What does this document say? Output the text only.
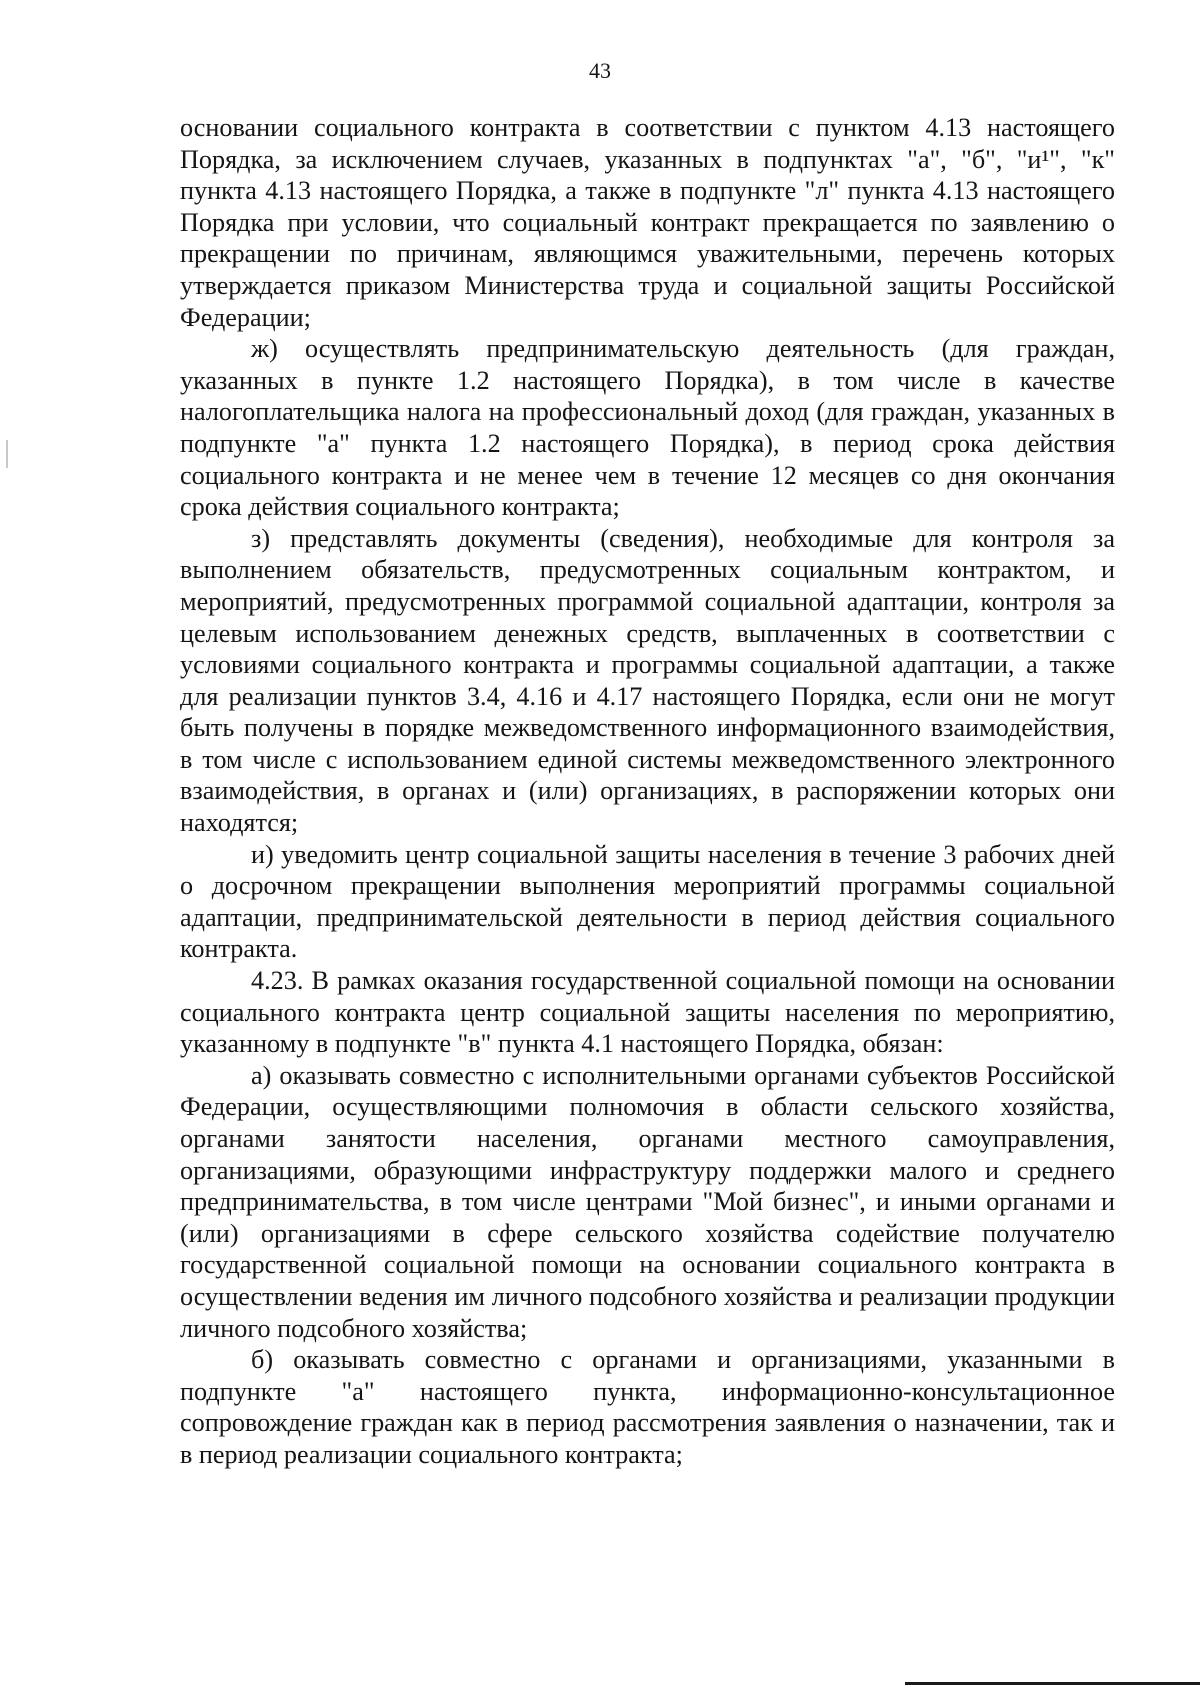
43

основании социального контракта в соответствии с пунктом 4.13 настоящего Порядка, за исключением случаев, указанных в подпунктах "а", "б", "и¹", "к" пункта 4.13 настоящего Порядка, а также в подпункте "л" пункта 4.13 настоящего Порядка при условии, что социальный контракт прекращается по заявлению о прекращении по причинам, являющимся уважительными, перечень которых утверждается приказом Министерства труда и социальной защиты Российской Федерации;

ж) осуществлять предпринимательскую деятельность (для граждан, указанных в пункте 1.2 настоящего Порядка), в том числе в качестве налогоплательщика налога на профессиональный доход (для граждан, указанных в подпункте "а" пункта 1.2 настоящего Порядка), в период срока действия социального контракта и не менее чем в течение 12 месяцев со дня окончания срока действия социального контракта;

з) представлять документы (сведения), необходимые для контроля за выполнением обязательств, предусмотренных социальным контрактом, и мероприятий, предусмотренных программой социальной адаптации, контроля за целевым использованием денежных средств, выплаченных в соответствии с условиями социального контракта и программы социальной адаптации, а также для реализации пунктов 3.4, 4.16 и 4.17 настоящего Порядка, если они не могут быть получены в порядке межведомственного информационного взаимодействия, в том числе с использованием единой системы межведомственного электронного взаимодействия, в органах и (или) организациях, в распоряжении которых они находятся;

и) уведомить центр социальной защиты населения в течение 3 рабочих дней о досрочном прекращении выполнения мероприятий программы социальной адаптации, предпринимательской деятельности в период действия социального контракта.

4.23. В рамках оказания государственной социальной помощи на основании социального контракта центр социальной защиты населения по мероприятию, указанному в подпункте "в" пункта 4.1 настоящего Порядка, обязан:

а) оказывать совместно с исполнительными органами субъектов Российской Федерации, осуществляющими полномочия в области сельского хозяйства, органами занятости населения, органами местного самоуправления, организациями, образующими инфраструктуру поддержки малого и среднего предпринимательства, в том числе центрами "Мой бизнес", и иными органами и (или) организациями в сфере сельского хозяйства содействие получателю государственной социальной помощи на основании социального контракта в осуществлении ведения им личного подсобного хозяйства и реализации продукции личного подсобного хозяйства;

б) оказывать совместно с органами и организациями, указанными в подпункте "а" настоящего пункта, информационно-консультационное сопровождение граждан как в период рассмотрения заявления о назначении, так и в период реализации социального контракта;
